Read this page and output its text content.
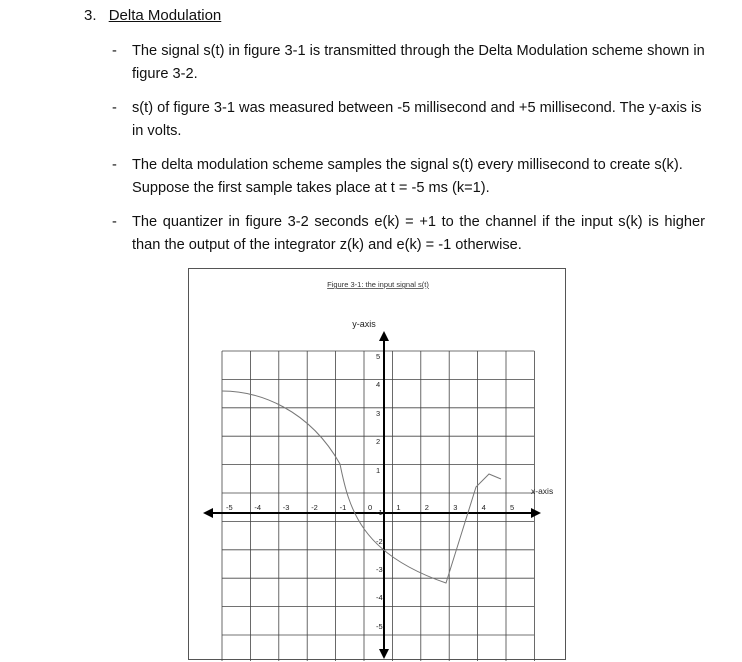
3. Delta Modulation
- The signal s(t) in figure 3-1 is transmitted through the Delta Modulation scheme shown in figure 3-2.
- s(t) of figure 3-1 was measured between -5 millisecond and +5 millisecond. The y-axis is in volts.
- The delta modulation scheme samples the signal s(t) every millisecond to create s(k). Suppose the first sample takes place at t = -5 ms (k=1).
- The quantizer in figure 3-2 seconds e(k) = +1 to the channel if the input s(k) is higher than the output of the integrator z(k) and e(k) = -1 otherwise.
Figure 3-1: the input signal s(t)
y-axis
x-axis
-5	-4	-3	-2	-1	0	1	2	3	4	5
5
4
3
2
1
-1
-2
-3
-4
-5
